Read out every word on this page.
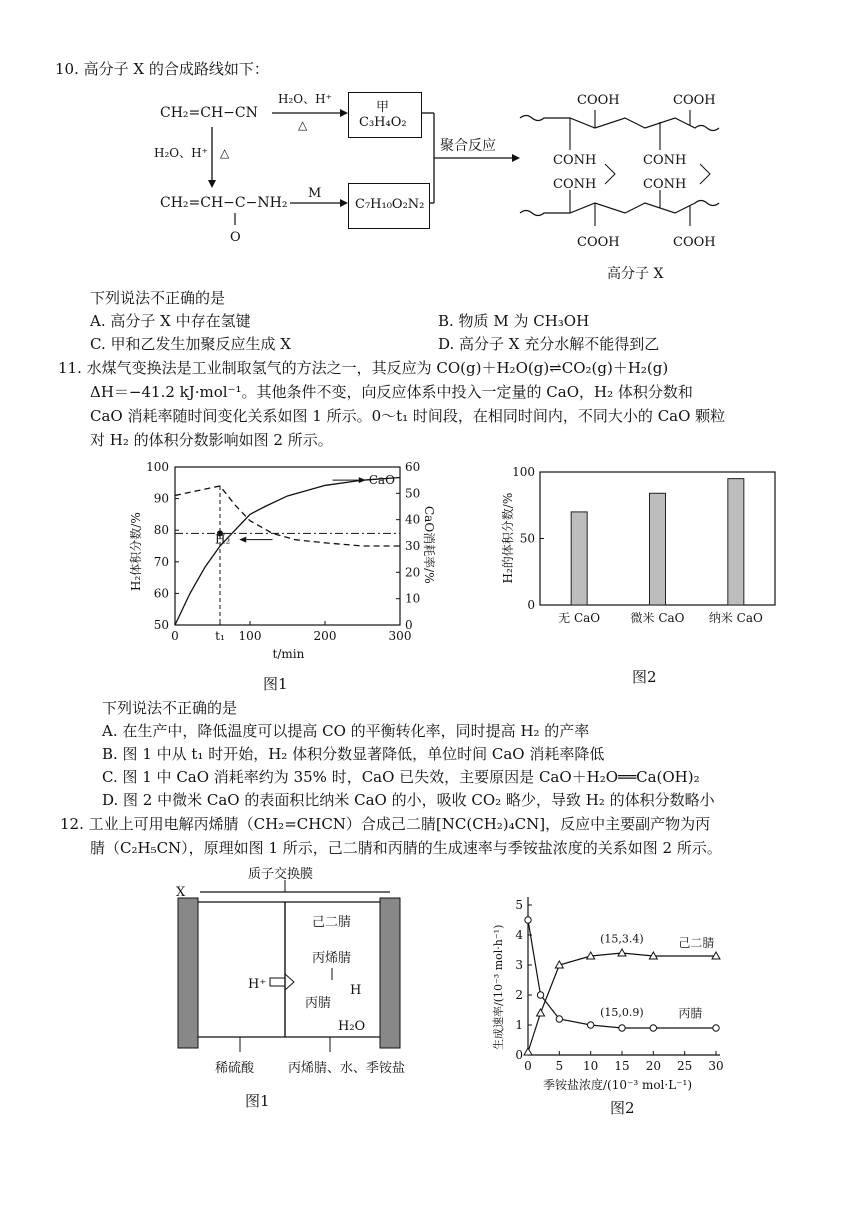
10. 高分子 X 的合成路线如下：
CH₂=CH−CN
H₂O、H⁺
△
H₂O、H⁺ △
CH₂=CH−C−NH₂
O
M
聚合反应
甲
C₃H₄O₂
C₇H₁₀O₂N₂
COOH	COOH
CONH	CONH
CONH	CONH
COOH	COOH
高分子 X
下列说法不正确的是
A. 高分子 X 中存在氢键	B. 物质 M 为 CH₃OH
C. 甲和乙发生加聚反应生成 X	D. 高分子 X 充分水解不能得到乙
11. 水煤气变换法是工业制取氢气的方法之一，其反应为 CO(g)＋H₂O(g)⇌CO₂(g)＋H₂(g)
ΔH＝−41.2 kJ·mol⁻¹。其他条件不变，向反应体系中投入一定量的 CaO，H₂ 体积分数和
CaO 消耗率随时间变化关系如图 1 所示。0～t₁ 时间段，在相同时间内，不同大小的 CaO 颗粒
对 H₂ 的体积分数影响如图 2 所示。
50
60
70
80
90
100
0
10
20
30
40
50
60
0	t₁ 100	200	300
CaO
H₂
t/min
H₂体积分数/%	CaO消耗率/%
图1
0
50
100
无 CaO	微米 CaO 纳米 CaO
H₂的体积分数/%
图2
下列说法不正确的是
A. 在生产中，降低温度可以提高 CO 的平衡转化率，同时提高 H₂ 的产率
B. 图 1 中从 t₁ 时开始，H₂ 体积分数显著降低，单位时间 CaO 消耗率降低
C. 图 1 中 CaO 消耗率约为 35% 时，CaO 已失效，主要原因是 CaO＋H₂O══Ca(OH)₂
D. 图 2 中微米 CaO 的表面积比纳米 CaO 的小，吸收 CO₂ 略少，导致 H₂ 的体积分数略小
12. 工业上可用电解丙烯腈（CH₂=CHCN）合成己二腈[NC(CH₂)₄CN]，反应中主要副产物为丙
腈（C₂H₅CN），原理如图 1 所示，己二腈和丙腈的生成速率与季铵盐浓度的关系如图 2 所示。
质子交换膜
X
H⁺
己二腈
丙烯腈
丙腈
H
H₂O
稀硫酸	丙烯腈、水、季铵盐
图1
0
1
2
3
4
5
0 5 10 15 20 25 30
己二腈
丙腈
(15,3.4)
(15,0.9)
季铵盐浓度/(10⁻³ mol·L⁻¹)
生成速率/(10⁻³ mol·h⁻¹)
图2
